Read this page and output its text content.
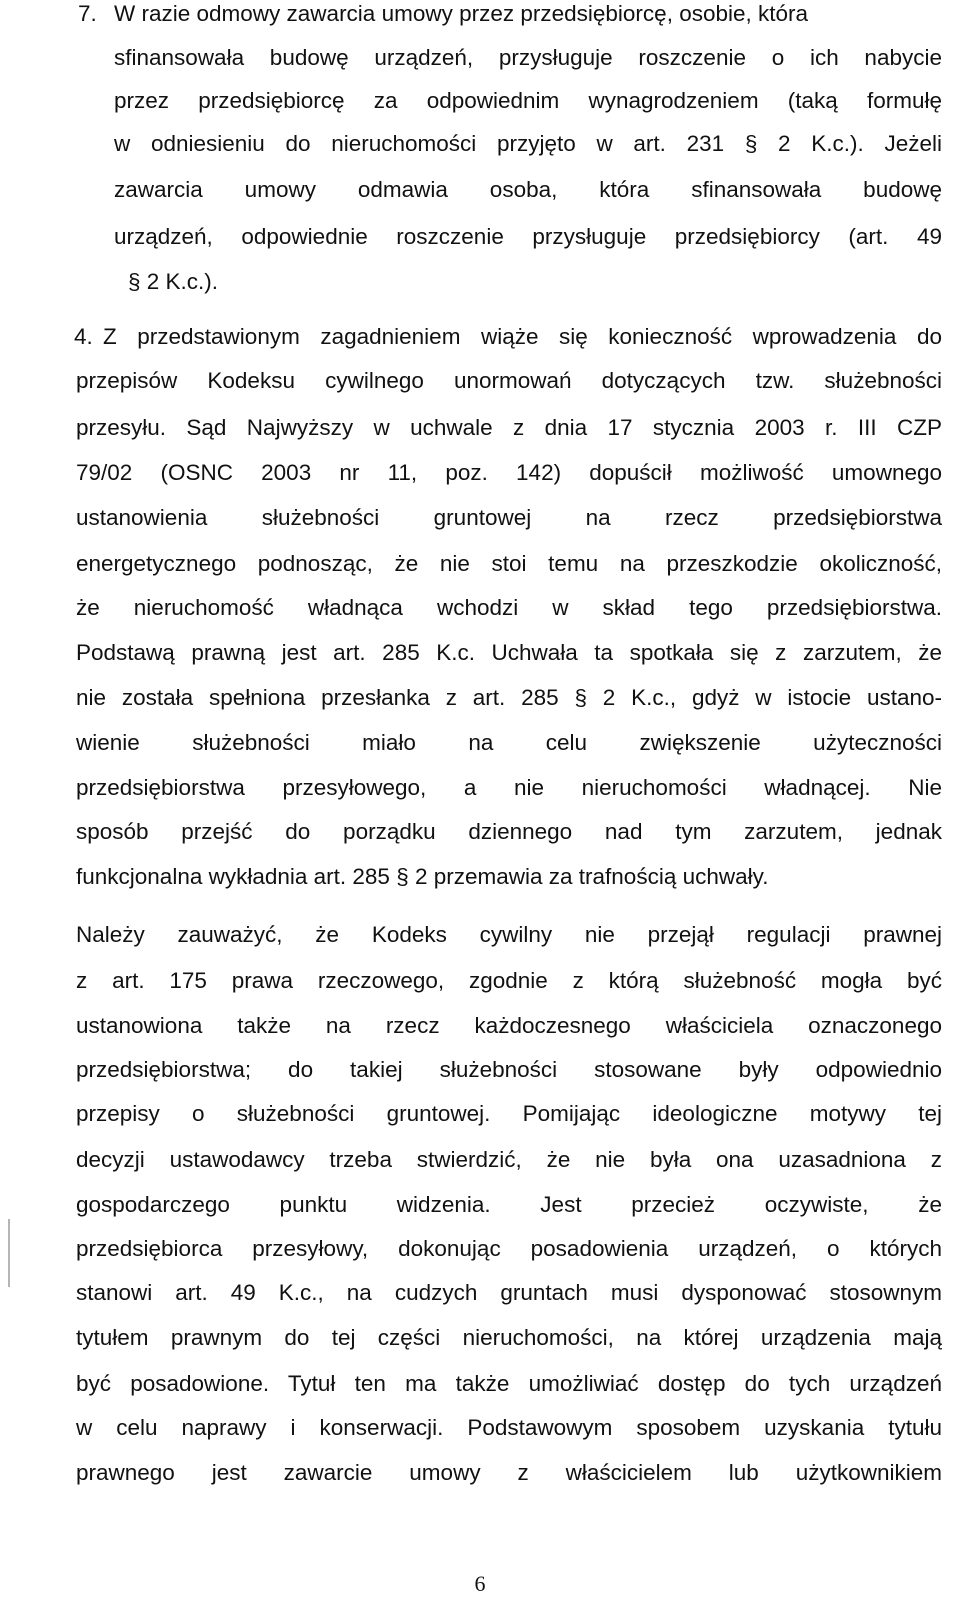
7. W razie odmowy zawarcia umowy przez przedsiębiorcę, osobie, która
sfinansowała budowę urządzeń, przysługuje roszczenie o ich nabycie
przez przedsiębiorcę za odpowiednim wynagrodzeniem (taką formułę
w odniesieniu do nieruchomości przyjęto w art. 231 § 2 K.c.). Jeżeli
zawarcia umowy odmawia osoba, która sfinansowała budowę
urządzeń, odpowiednie roszczenie przysługuje przedsiębiorcy (art. 49
§ 2 K.c.).
4. Z przedstawionym zagadnieniem wiąże się konieczność wprowadzenia do
przepisów Kodeksu cywilnego unormowań dotyczących tzw. służebności
przesyłu. Sąd Najwyższy w uchwale z dnia 17 stycznia 2003 r. III CZP
79/02 (OSNC 2003 nr 11, poz. 142) dopuścił możliwość umownego
ustanowienia służebności gruntowej na rzecz przedsiębiorstwa
energetycznego podnosząc, że nie stoi temu na przeszkodzie okoliczność,
że nieruchomość władnąca wchodzi w skład tego przedsiębiorstwa.
Podstawą prawną jest art. 285 K.c. Uchwała ta spotkała się z zarzutem, że
nie została spełniona przesłanka z art. 285 § 2 K.c., gdyż w istocie ustano-
wienie służebności miało na celu zwiększenie użyteczności
przedsiębiorstwa przesyłowego, a nie nieruchomości władnącej. Nie
sposób przejść do porządku dziennego nad tym zarzutem, jednak
funkcjonalna wykładnia art. 285 § 2 przemawia za trafnością uchwały.
Należy zauważyć, że Kodeks cywilny nie przejął regulacji prawnej
z art. 175 prawa rzeczowego, zgodnie z którą służebność mogła być
ustanowiona także na rzecz każdoczesnego właściciela oznaczonego
przedsiębiorstwa; do takiej służebności stosowane były odpowiednio
przepisy o służebności gruntowej. Pomijając ideologiczne motywy tej
decyzji ustawodawcy trzeba stwierdzić, że nie była ona uzasadniona z
gospodarczego punktu widzenia. Jest przecież oczywiste, że
przedsiębiorca przesyłowy, dokonując posadowienia urządzeń, o których
stanowi art. 49 K.c., na cudzych gruntach musi dysponować stosownym
tytułem prawnym do tej części nieruchomości, na której urządzenia mają
być posadowione. Tytuł ten ma także umożliwiać dostęp do tych urządzeń
w celu naprawy i konserwacji. Podstawowym sposobem uzyskania tytułu
prawnego jest zawarcie umowy z właścicielem lub użytkownikiem
6
